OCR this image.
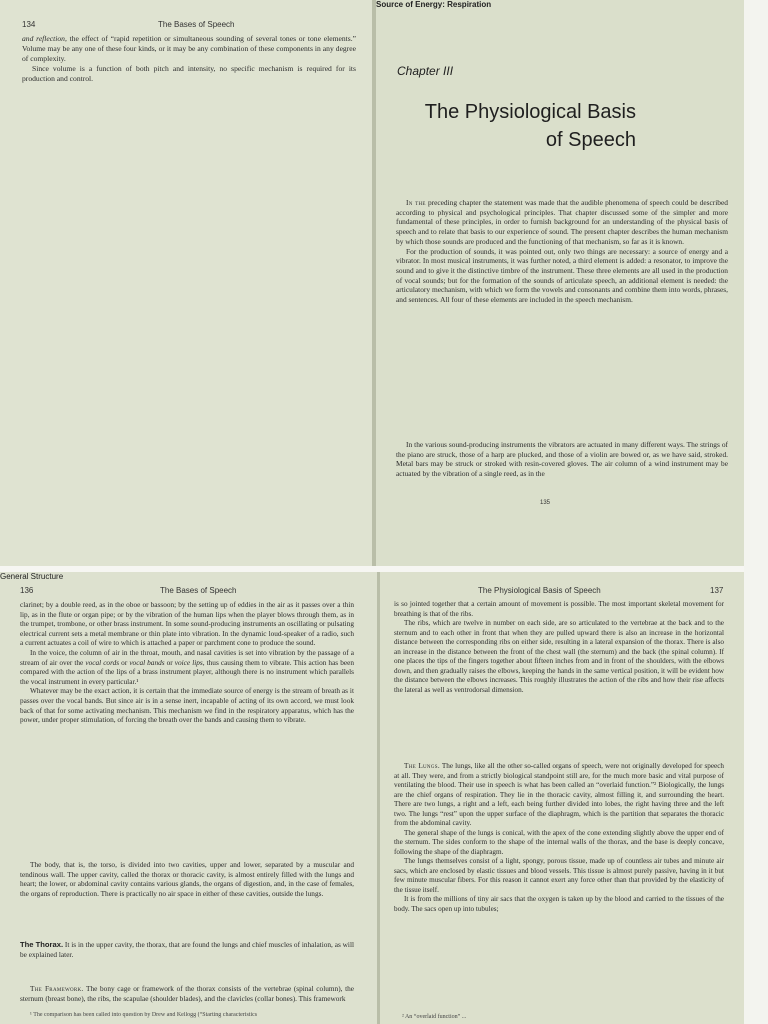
134	The Bases of Speech

and reflection, the effect of “rapid repetition or simultaneous sounding of several tones or tone elements.” Volume may be any one of these four kinds, or it may be any combination of these components in any degree of complexity.

Since volume is a function of both pitch and intensity, no specific mechanism is required for its production and control.

Chapter III
The Physiological Basis
of Speech

In the preceding chapter the statement was made that the audible phenomena of speech could be described according to physical and psychological principles. That chapter discussed some of the simpler and more fundamental of these principles, in order to furnish background for an understanding of the physical basis of speech and to relate that basis to our experience of sound. The present chapter describes the human mechanism by which those sounds are produced and the functioning of that mechanism, so far as it is known.

For the production of sounds, it was pointed out, only two things are necessary: a source of energy and a vibrator. In most musical instruments, it was further noted, a third element is added: a resonator, to improve the sound and to give it the distinctive timbre of the instrument. These three elements are all used in the production of vocal sounds; but for the formation of the sounds of articulate speech, an additional element is needed: the articulatory mechanism, with which we form the vowels and consonants and combine them into words, phrases, and sentences. All four of these elements are included in the speech mechanism.

Source of Energy: Respiration

In the various sound-producing instruments the vibrators are actuated in many different ways. The strings of the piano are struck, those of a harp are plucked, and those of a violin are bowed or, as we have said, stroked. Metal bars may be struck or stroked with resin-covered gloves. The air column of a wind instrument may be actuated by the vibration of a single reed, as in the

135
136	The Bases of Speech

clarinet; by a double reed, as in the oboe or bassoon; by the setting up of eddies in the air as it passes over a thin lip, as in the flute or organ pipe; or by the vibration of the human lips when the player blows through them, as in the trumpet, trombone, or other brass instrument. In some sound-producing instruments an oscillating or pulsating electrical current sets a metal membrane or thin plate into vibration. In the dynamic loud-speaker of a radio, such a current actuates a coil of wire to which is attached a paper or parchment cone to produce the sound.

In the voice, the column of air in the throat, mouth, and nasal cavities is set into vibration by the passage of a stream of air over the vocal cords or vocal bands or voice lips, thus causing them to vibrate. This action has been compared with the action of the lips of a brass instrument player, although there is no instrument which parallels the vocal instrument in every particular.¹

Whatever may be the exact action, it is certain that the immediate source of energy is the stream of breath as it passes over the vocal bands. But since air is in a sense inert, incapable of acting of its own accord, we must look back of that for some activating mechanism. This mechanism we find in the respiratory apparatus, which has the power, under proper stimulation, of forcing the breath over the bands and causing them to vibrate.

General Structure

The body, that is, the torso, is divided into two cavities, upper and lower, separated by a muscular and tendinous wall. The upper cavity, called the thorax or thoracic cavity, is almost entirely filled with the lungs and heart; the lower, or abdominal cavity contains various glands, the organs of digestion, and, in the case of females, the organs of reproduction. There is practically no air space in either of these cavities, outside the lungs.

The Thorax. It is in the upper cavity, the thorax, that are found the lungs and chief muscles of inhalation, as will be explained later.

The Framework. The bony cage or framework of the thorax consists of the vertebrae (spinal column), the sternum (breast bone), the ribs, the scapulae (shoulder blades), and the clavicles (collar bones). This framework

¹ The comparison has been called into question by Drew and Kellogg (“Starting characteristics
The Physiological Basis of Speech	137

is so jointed together that a certain amount of movement is possible. The most important skeletal movement for breathing is that of the ribs.

The ribs, which are twelve in number on each side, are so articulated to the vertebrae at the back and to the sternum and to each other in front that when they are pulled upward there is also an increase in the horizontal distance between the corresponding ribs on either side, resulting in a lateral expansion of the thorax. There is also an increase in the distance between the front of the chest wall (the sternum) and the back (the spinal column). If one places the tips of the fingers together about fifteen inches from and in front of the shoulders, with the elbows down, and then gradually raises the elbows, keeping the hands in the same vertical position, it will be evident how the distance between the elbows increases. This roughly illustrates the action of the ribs and how their rise affects the lateral as well as ventrodorsal dimension.

The Lungs. The lungs, like all the other so-called organs of speech, were not originally developed for speech at all. They were, and from a strictly biological standpoint still are, for the much more basic and vital purpose of ventilating the blood. Their use in speech is what has been called an “overlaid function.”² Biologically, the lungs are the chief organs of respiration. They lie in the thoracic cavity, almost filling it, and surrounding the heart. There are two lungs, a right and a left, each being further divided into lobes, the right having three and the left two. The lungs “rest” upon the upper surface of the diaphragm, which is the partition that separates the thoracic from the abdominal cavity.

The general shape of the lungs is conical, with the apex of the cone extending slightly above the upper end of the sternum. The sides conform to the shape of the internal walls of the thorax, and the base is deeply concave, following the shape of the diaphragm.

The lungs themselves consist of a light, spongy, porous tissue, made up of countless air tubes and minute air sacs, which are enclosed by elastic tissues and blood vessels. This tissue is almost purely passive, having in it but few minute muscular fibers. For this reason it cannot exert any force other than that provided by the elasticity of the tissue itself.

It is from the millions of tiny air sacs that the oxygen is taken up by the blood and carried to the tissues of the body. The sacs open up into tubules;

² An “overlaid function” ...
